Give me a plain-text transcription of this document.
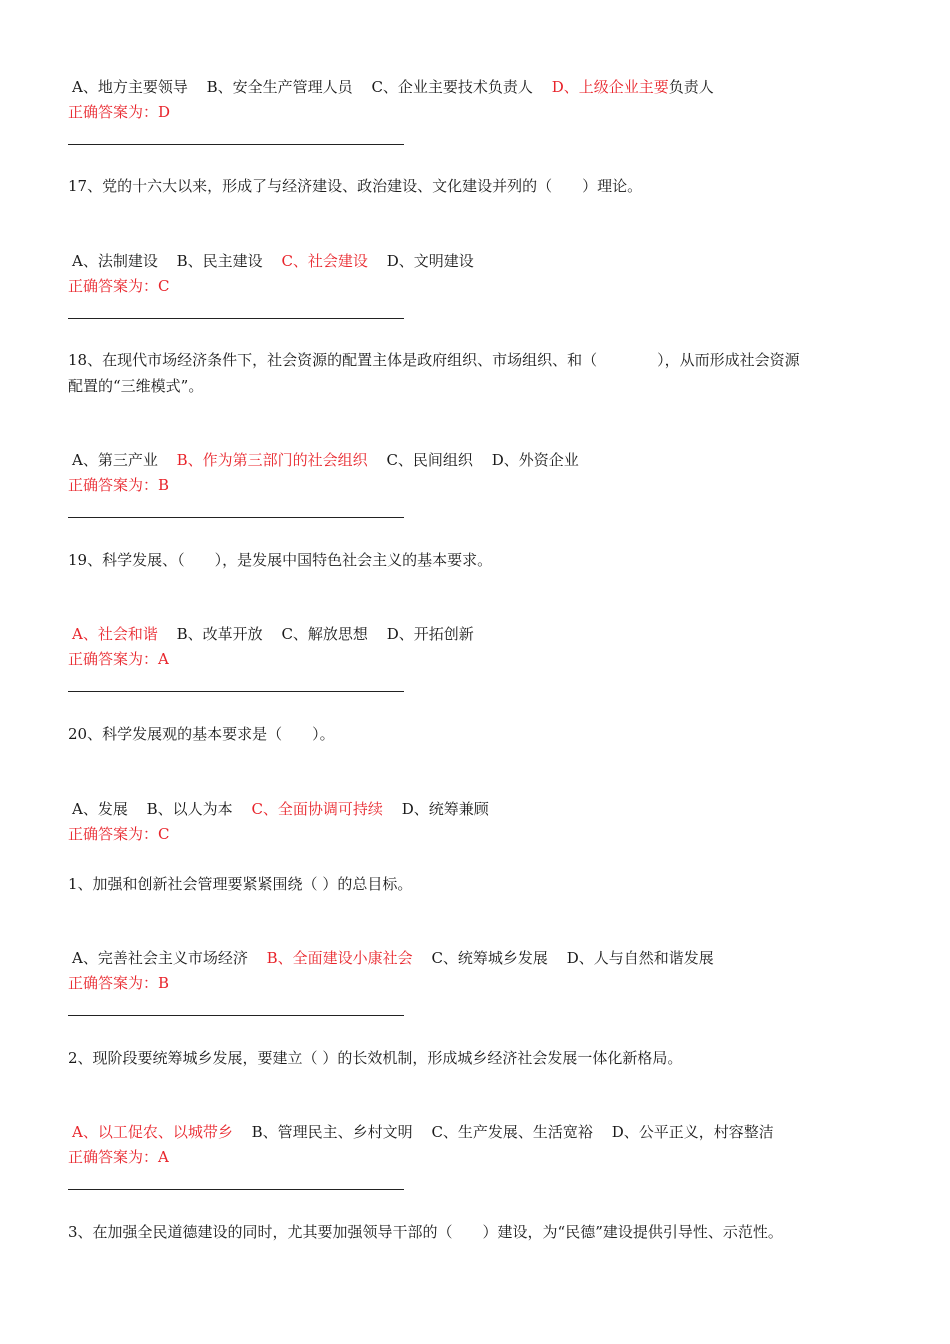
A、地方主要领导 B、安全生产管理人员 C、企业主要技术负责人 D、上级企业主要负责人
正确答案为：D
17、党的十六大以来，形成了与经济建设、政治建设、文化建设并列的（　　）理论。
A、法制建设 B、民主建设 C、社会建设 D、文明建设
正确答案为：C
18、在现代市场经济条件下，社会资源的配置主体是政府组织、市场组织、和（　　　　），从而形成社会资源
配置的“三维模式”。
A、第三产业 B、作为第三部门的社会组织 C、民间组织 D、外资企业
正确答案为：B
19、科学发展、（　　），是发展中国特色社会主义的基本要求。
A、社会和谐 B、改革开放 C、解放思想 D、开拓创新
正确答案为：A
20、科学发展观的基本要求是（　　）。
A、发展 B、以人为本 C、全面协调可持续 D、统筹兼顾
正确答案为：C
1、加强和创新社会管理要紧紧围绕（ ）的总目标。
A、完善社会主义市场经济 B、全面建设小康社会 C、统筹城乡发展 D、人与自然和谐发展
正确答案为：B
2、现阶段要统筹城乡发展，要建立（ ）的长效机制，形成城乡经济社会发展一体化新格局。
A、以工促农、以城带乡 B、管理民主、乡村文明 C、生产发展、生活宽裕 D、公平正义，村容整洁
正确答案为：A
3、在加强全民道德建设的同时，尤其要加强领导干部的（　　）建设，为“民德”建设提供引导性、示范性。
